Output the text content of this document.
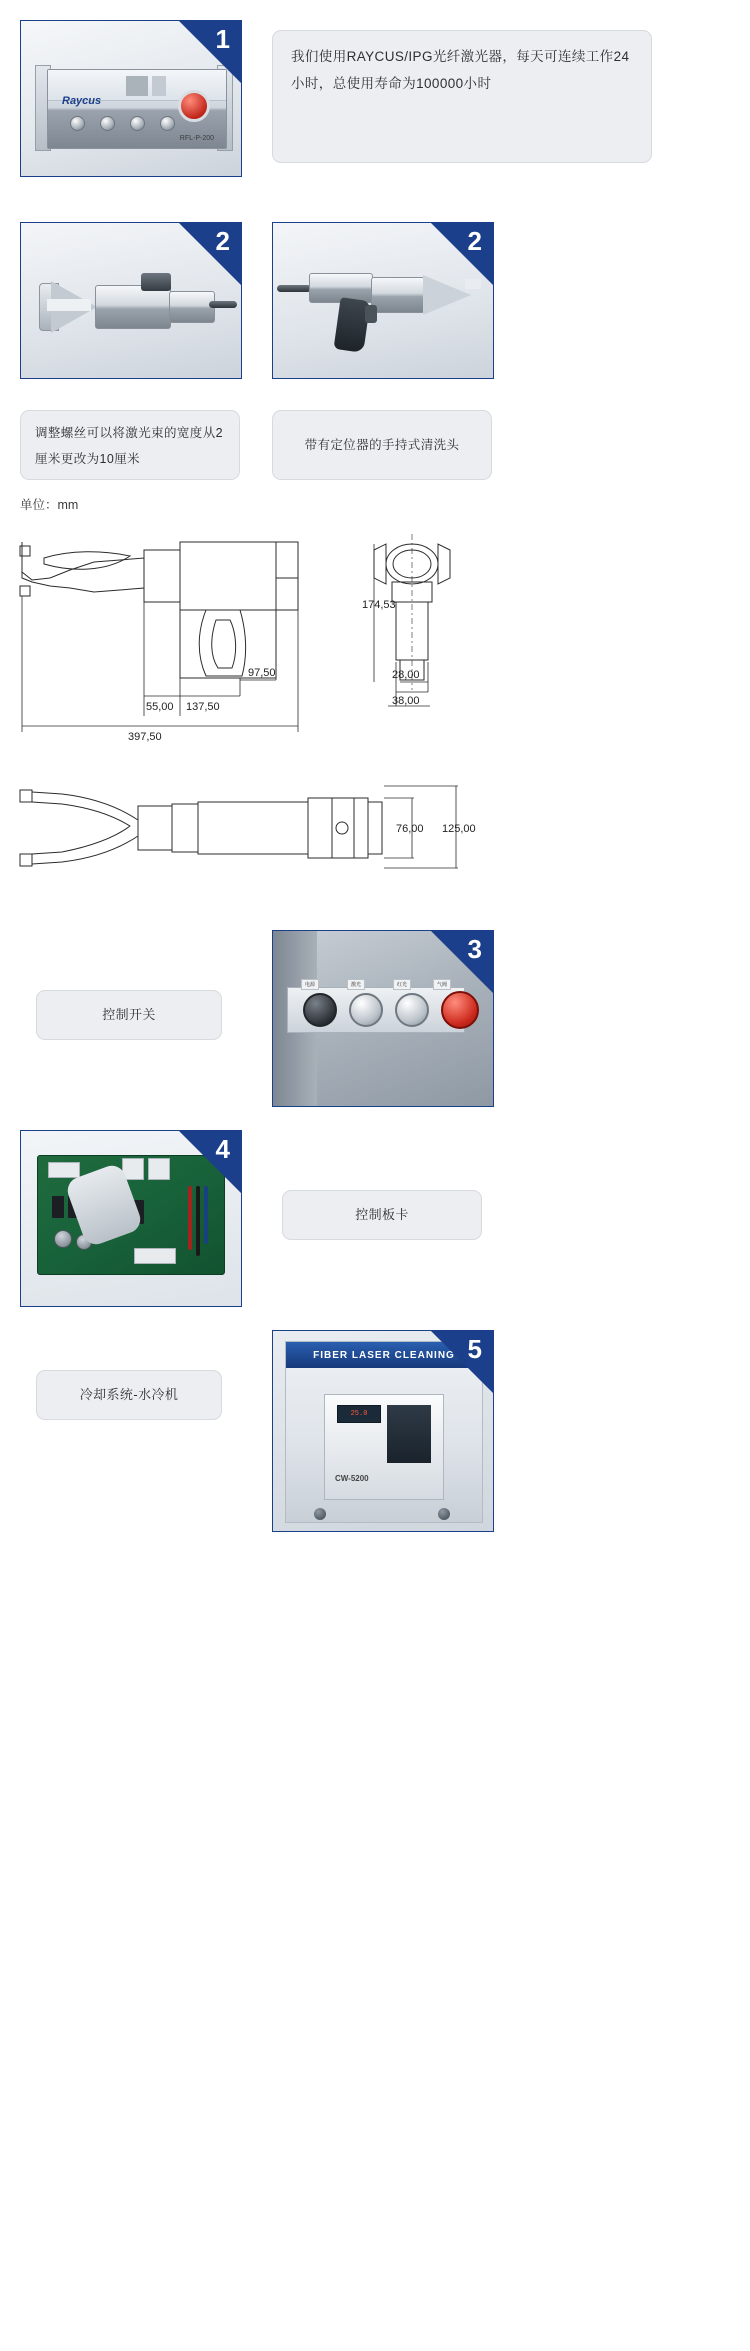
Raycus
RFL-P-200
1
我们使用RAYCUS/IPG光纤激光器，每天可连续工作24小时，总使用寿命为100000小时
2	2
调整螺丝可以将激光束的宽度从2厘米更改为10厘米
带有定位器的手持式清洗头
单位：mm
97,50
55,00 137,50
397,50
174,53
28,00
38,00
76,00 125,00
控制开关
电源	激光	红光	气阀
3
4
控制板卡
冷却系统-水冷机
FIBER LASER CLEANING
25.0
CW-5200
5
